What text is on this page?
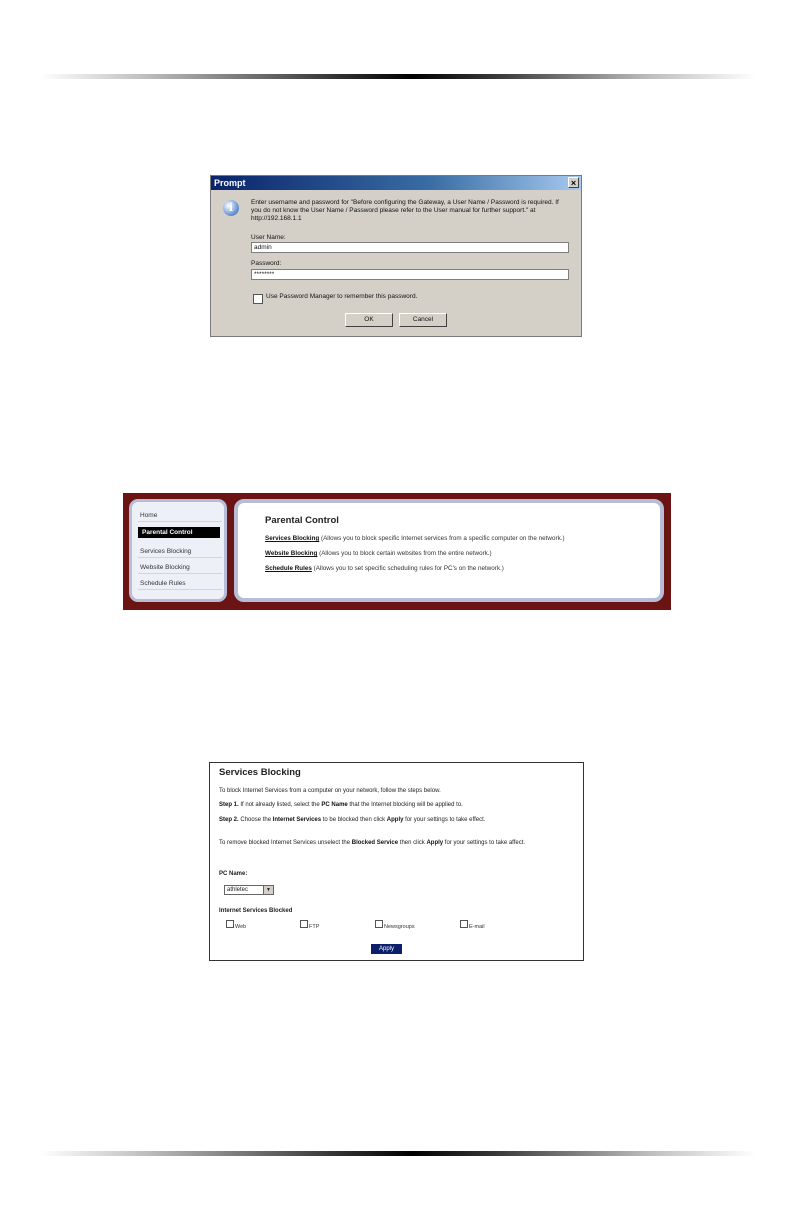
Prompt	×
i	Enter username and password for "Before configuring the Gateway, a User Name / Password is required. If you do not know the User Name / Password please refer to the User manual for further support." at http://192.168.1.1
User Name:
admin
Password:
********
Use Password Manager to remember this password.
OK	Cancel
Home
Parental Control
Services Blocking
Website Blocking
Schedule Rules
Parental Control
Services Blocking (Allows you to block specific Internet services from a specific computer on the network.)
Website Blocking (Allows you to block certain websites from the entire network.)
Schedule Rules (Allows you to set specific scheduling rules for PC's on the network.)
Services Blocking
To block Internet Services from a computer on your network, follow the steps below.
Step 1. If not already listed, select the PC Name that the Internet blocking will be applied to.
Step 2. Choose the Internet Services to be blocked then click Apply for your settings to take effect.
To remove blocked Internet Services unselect the Blocked Service then click Apply for your settings to take affect.
PC Name:
athletec	▼
Internet Services Blocked
Web	FTP	Newsgroups	E-mail
Apply
